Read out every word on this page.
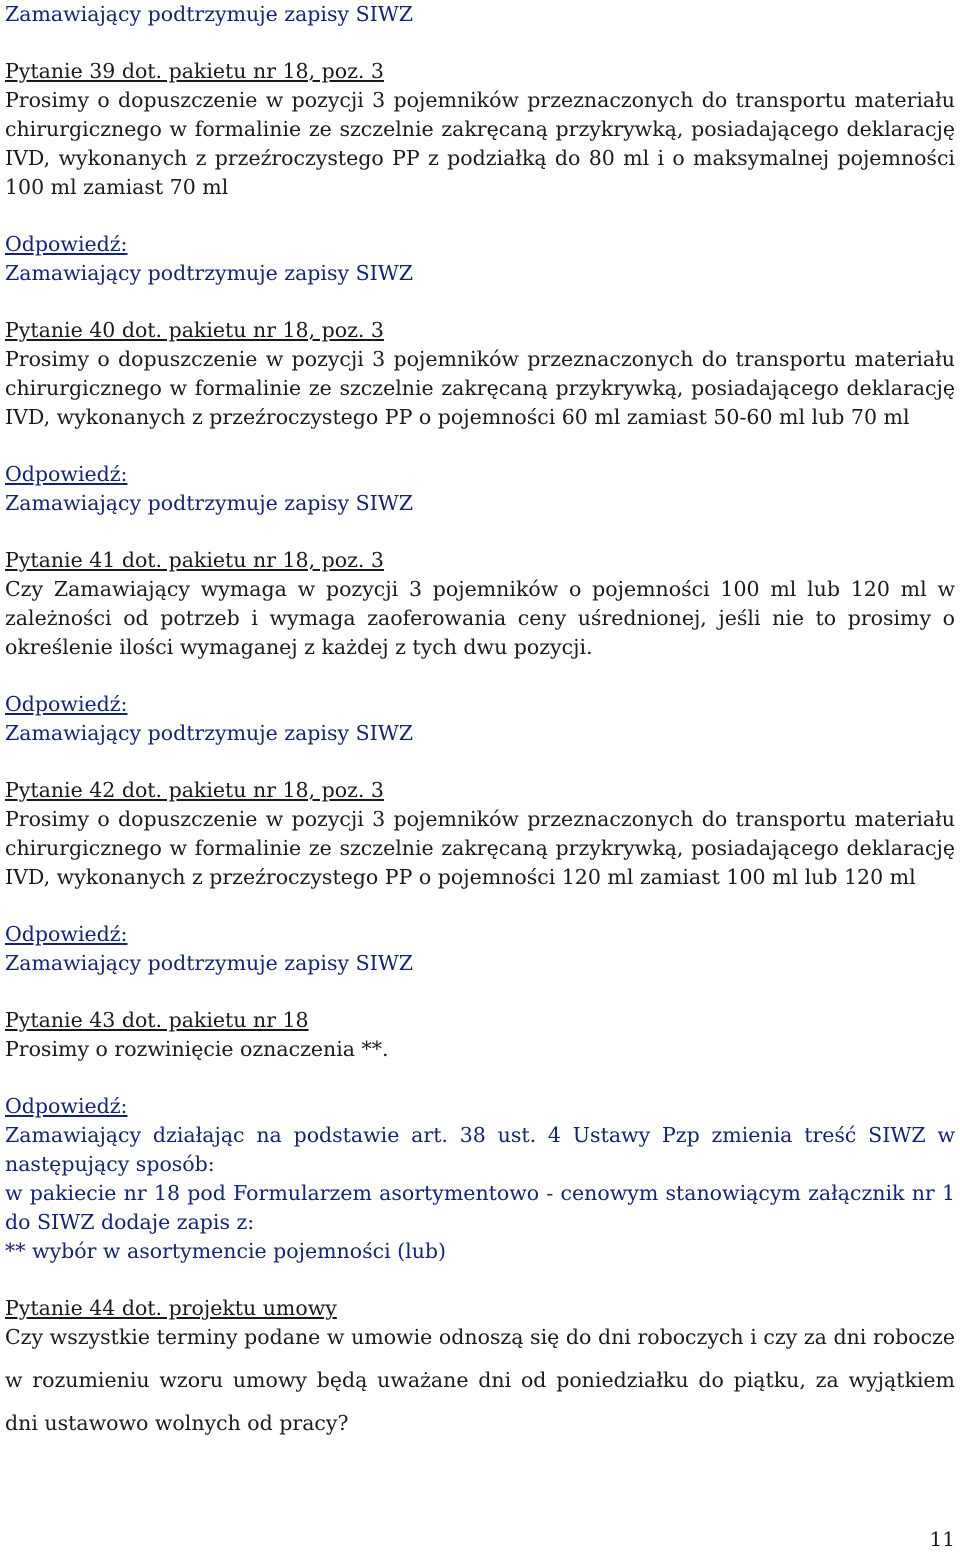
Zamawiający podtrzymuje zapisy SIWZ
Pytanie 39 dot. pakietu nr 18, poz. 3
Prosimy o dopuszczenie w pozycji 3 pojemników przeznaczonych do transportu materiału
chirurgicznego w formalinie ze szczelnie zakręcaną przykrywką, posiadającego deklarację
IVD, wykonanych z przeźroczystego PP z podziałką do 80 ml i o maksymalnej pojemności
100 ml zamiast 70 ml
Odpowiedź:
Zamawiający podtrzymuje zapisy SIWZ
Pytanie 40 dot. pakietu nr 18, poz. 3
Prosimy o dopuszczenie w pozycji 3 pojemników przeznaczonych do transportu materiału
chirurgicznego w formalinie ze szczelnie zakręcaną przykrywką, posiadającego deklarację
IVD, wykonanych z przeźroczystego PP o pojemności 60 ml zamiast 50-60 ml lub 70 ml
Odpowiedź:
Zamawiający podtrzymuje zapisy SIWZ
Pytanie 41 dot. pakietu nr 18, poz. 3
Czy Zamawiający wymaga w pozycji 3 pojemników o pojemności 100 ml lub 120 ml w
zależności od potrzeb i wymaga zaoferowania ceny uśrednionej, jeśli nie to prosimy o
określenie ilości wymaganej z każdej z tych dwu pozycji.
Odpowiedź:
Zamawiający podtrzymuje zapisy SIWZ
Pytanie 42 dot. pakietu nr 18, poz. 3
Prosimy o dopuszczenie w pozycji 3 pojemników przeznaczonych do transportu materiału
chirurgicznego w formalinie ze szczelnie zakręcaną przykrywką, posiadającego deklarację
IVD, wykonanych z przeźroczystego PP o pojemności 120 ml zamiast 100 ml lub 120 ml
Odpowiedź:
Zamawiający podtrzymuje zapisy SIWZ
Pytanie 43 dot. pakietu nr 18
Prosimy o rozwinięcie oznaczenia **.
Odpowiedź:
Zamawiający działając na podstawie art. 38 ust. 4 Ustawy Pzp zmienia treść SIWZ w
następujący sposób:
w pakiecie nr 18 pod Formularzem asortymentowo - cenowym stanowiącym załącznik nr 1
do SIWZ dodaje zapis z:
** wybór w asortymencie pojemności (lub)
Pytanie 44 dot. projektu umowy
Czy wszystkie terminy podane w umowie odnoszą się do dni roboczych i czy za dni robocze
w rozumieniu wzoru umowy będą uważane dni od poniedziałku do piątku, za wyjątkiem
dni ustawowo wolnych od pracy?
11
